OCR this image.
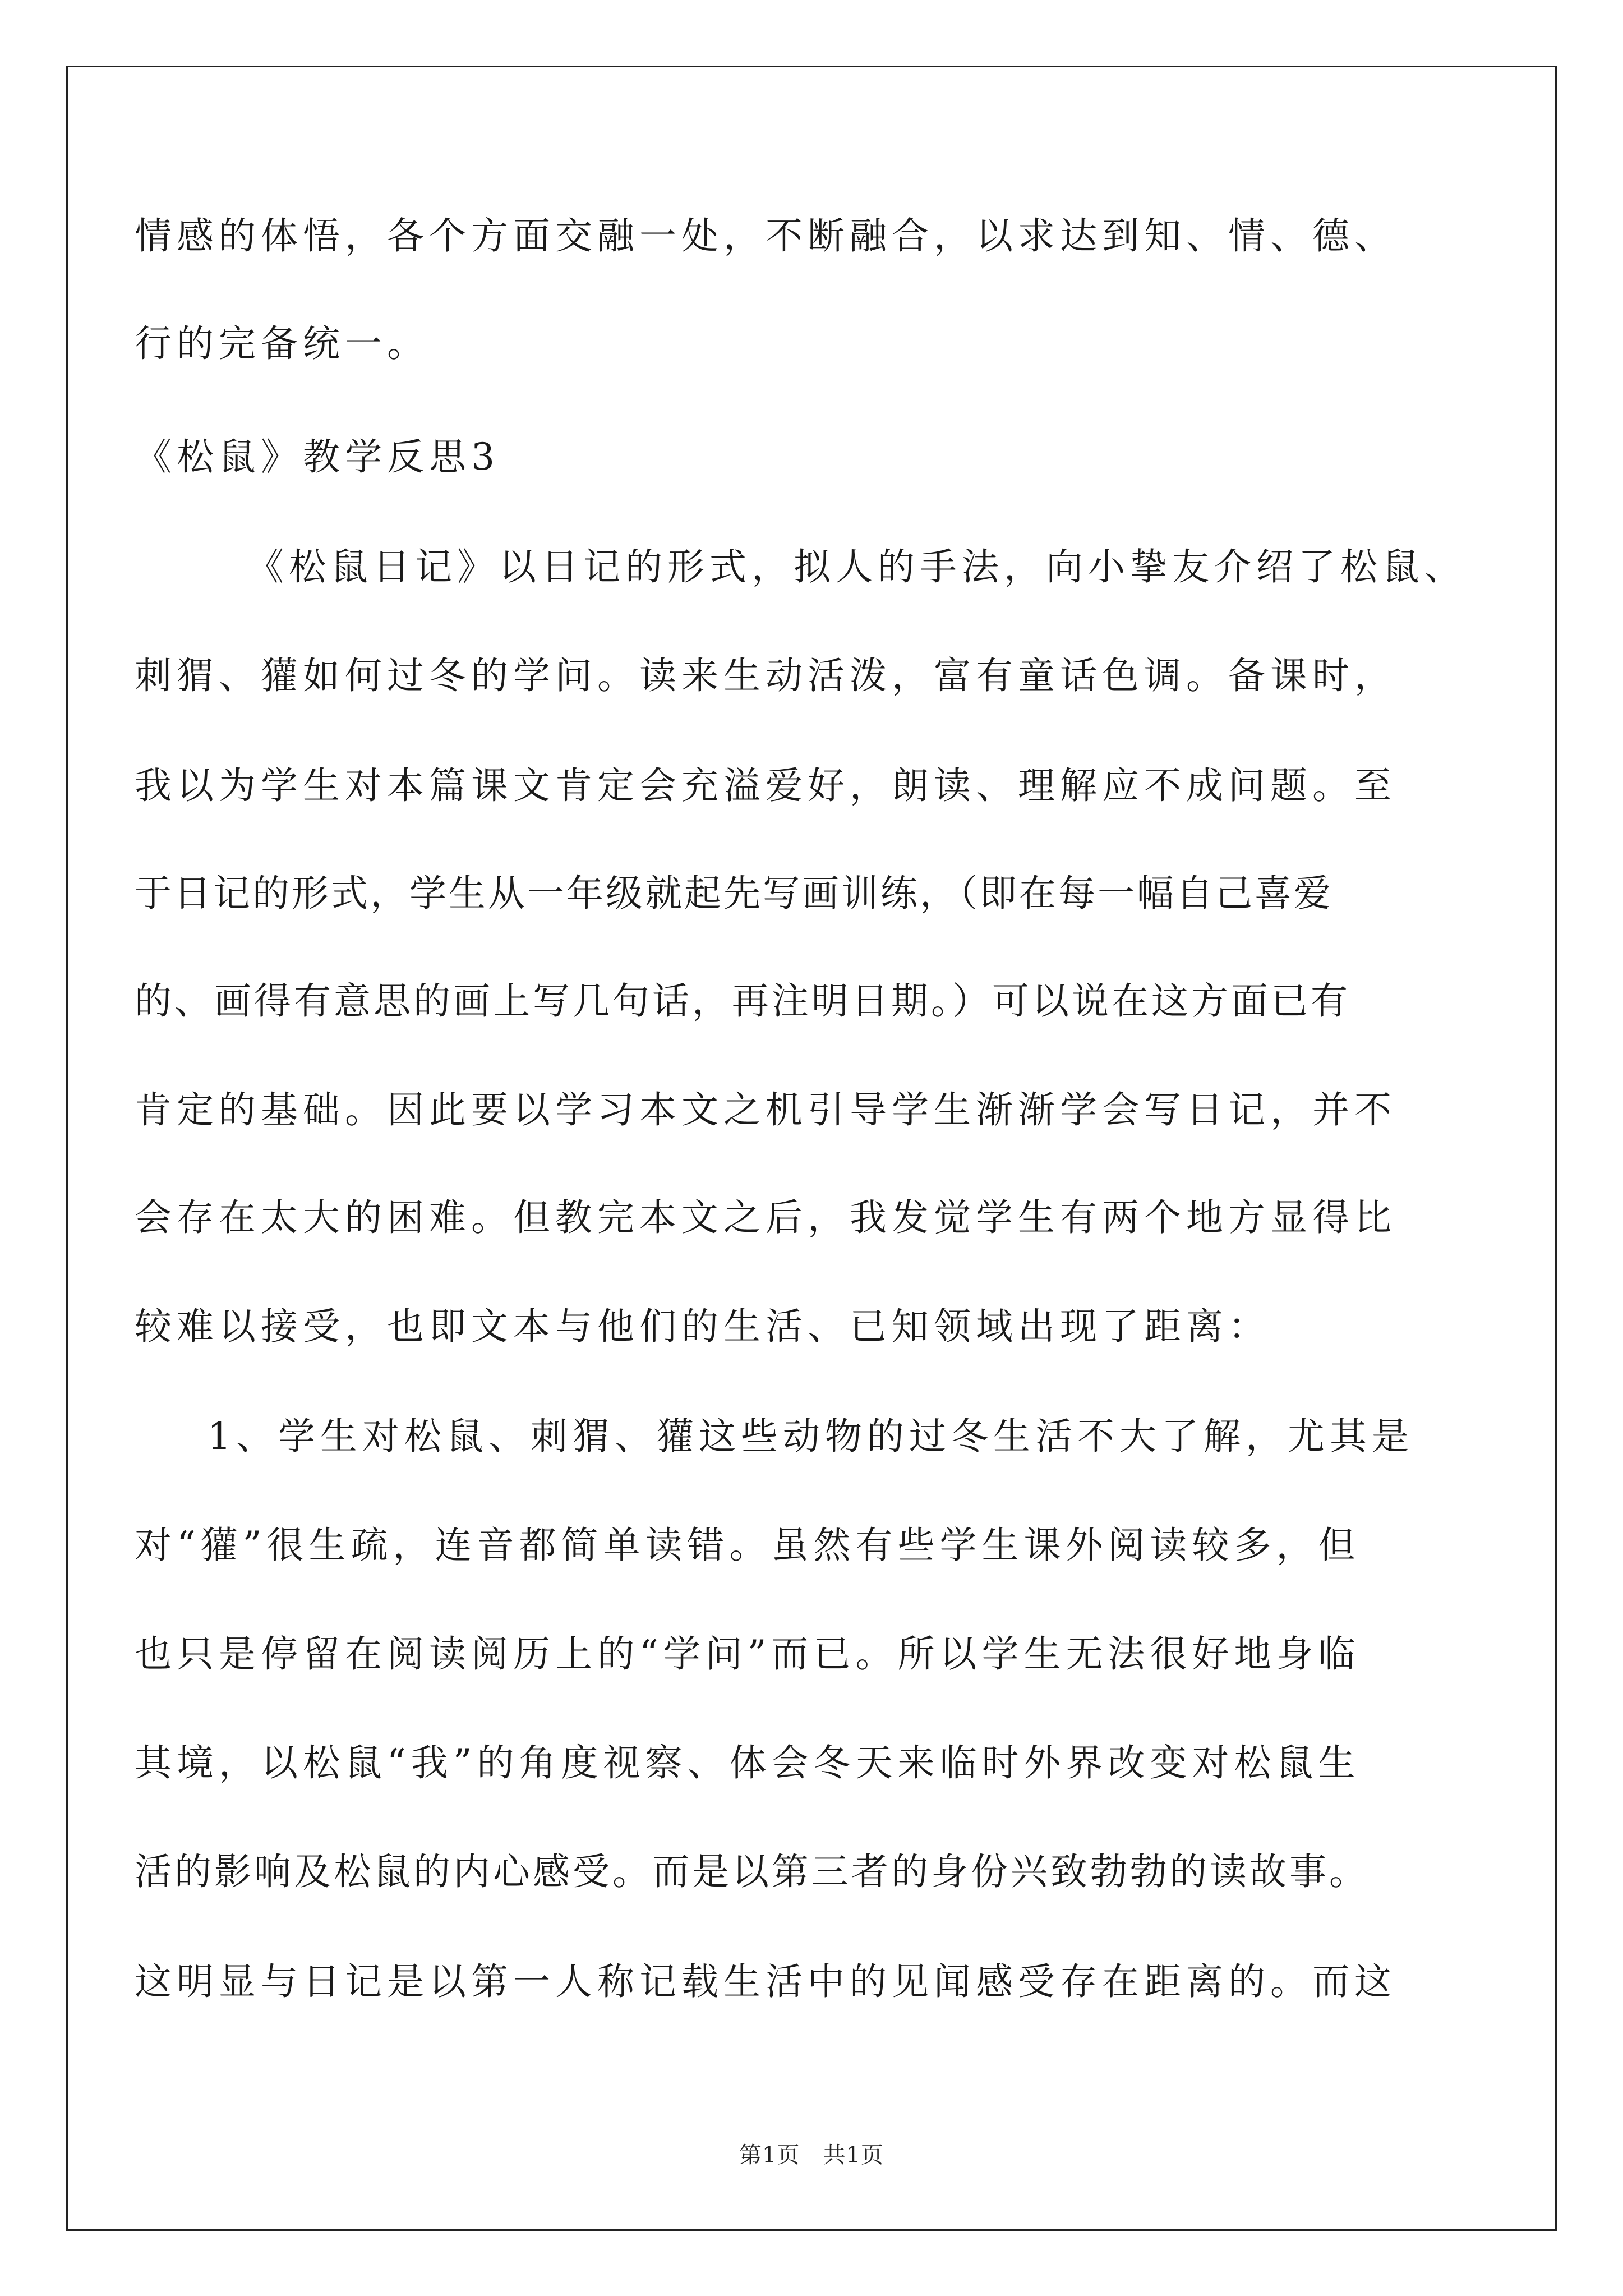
情感的体悟，各个方面交融一处，不断融合，以求达到知、情、德、
行的完备统一。
《松鼠》教学反思3
《松鼠日记》以日记的形式，拟人的手法，向小挚友介绍了松鼠、
刺猬、獾如何过冬的学问。读来生动活泼，富有童话色调。备课时，
我以为学生对本篇课文肯定会充溢爱好，朗读、理解应不成问题。至
于日记的形式，学生从一年级就起先写画训练，（即在每一幅自己喜爱
的、画得有意思的画上写几句话，再注明日期。）可以说在这方面已有
肯定的基础。因此要以学习本文之机引导学生渐渐学会写日记，并不
会存在太大的困难。但教完本文之后，我发觉学生有两个地方显得比
较难以接受，也即文本与他们的生活、已知领域出现了距离：
1、学生对松鼠、刺猬、獾这些动物的过冬生活不大了解，尤其是
对“獾”很生疏，连音都简单读错。虽然有些学生课外阅读较多，但
也只是停留在阅读阅历上的“学问”而已。所以学生无法很好地身临
其境，以松鼠“我”的角度视察、体会冬天来临时外界改变对松鼠生
活的影响及松鼠的内心感受。而是以第三者的身份兴致勃勃的读故事。
这明显与日记是以第一人称记载生活中的见闻感受存在距离的。而这
第1页　共1页
